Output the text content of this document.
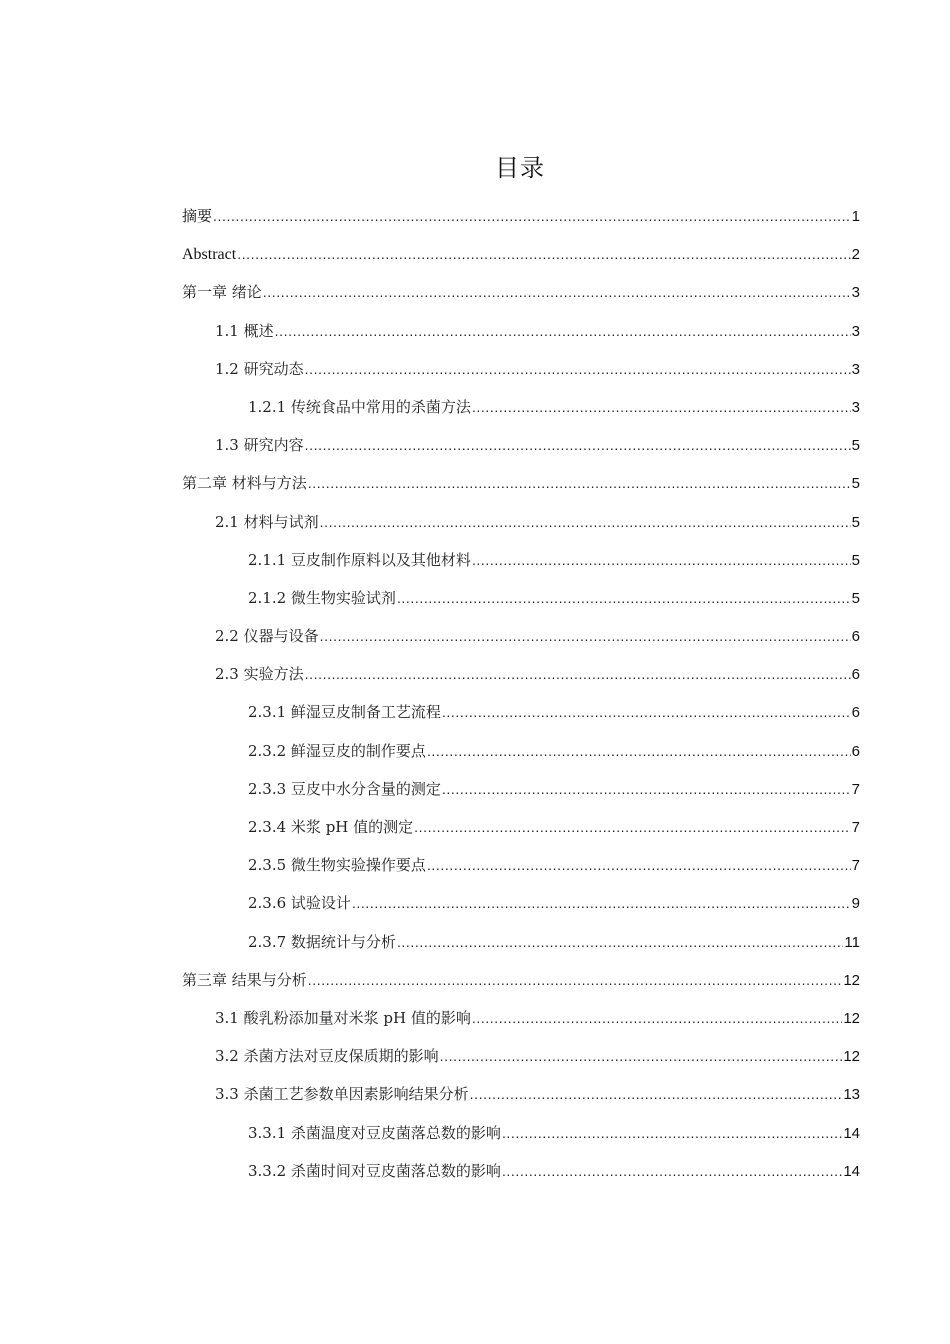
目录
摘要 .....	1
Abstract .....	2
第一章 绪论 .....	3
1.1 概述 .....	3
1.2 研究动态 .....	3
1.2.1 传统食品中常用的杀菌方法 .....	3
1.3 研究内容 .....	5
第二章 材料与方法 .....	5
2.1 材料与试剂 .....	5
2.1.1 豆皮制作原料以及其他材料 .....	5
2.1.2 微生物实验试剂 .....	5
2.2 仪器与设备 .....	6
2.3 实验方法 .....	6
2.3.1 鲜湿豆皮制备工艺流程 .....	6
2.3.2 鲜湿豆皮的制作要点 .....	6
2.3.3 豆皮中水分含量的测定 .....	7
2.3.4 米浆 pH 值的测定 .....	7
2.3.5 微生物实验操作要点 .....	7
2.3.6 试验设计 .....	9
2.3.7 数据统计与分析 .....	11
第三章 结果与分析 .....	12
3.1 酸乳粉添加量对米浆 pH 值的影响 .....	12
3.2 杀菌方法对豆皮保质期的影响 .....	12
3.3 杀菌工艺参数单因素影响结果分析 .....	13
3.3.1 杀菌温度对豆皮菌落总数的影响 .....	14
3.3.2 杀菌时间对豆皮菌落总数的影响 .....	14
